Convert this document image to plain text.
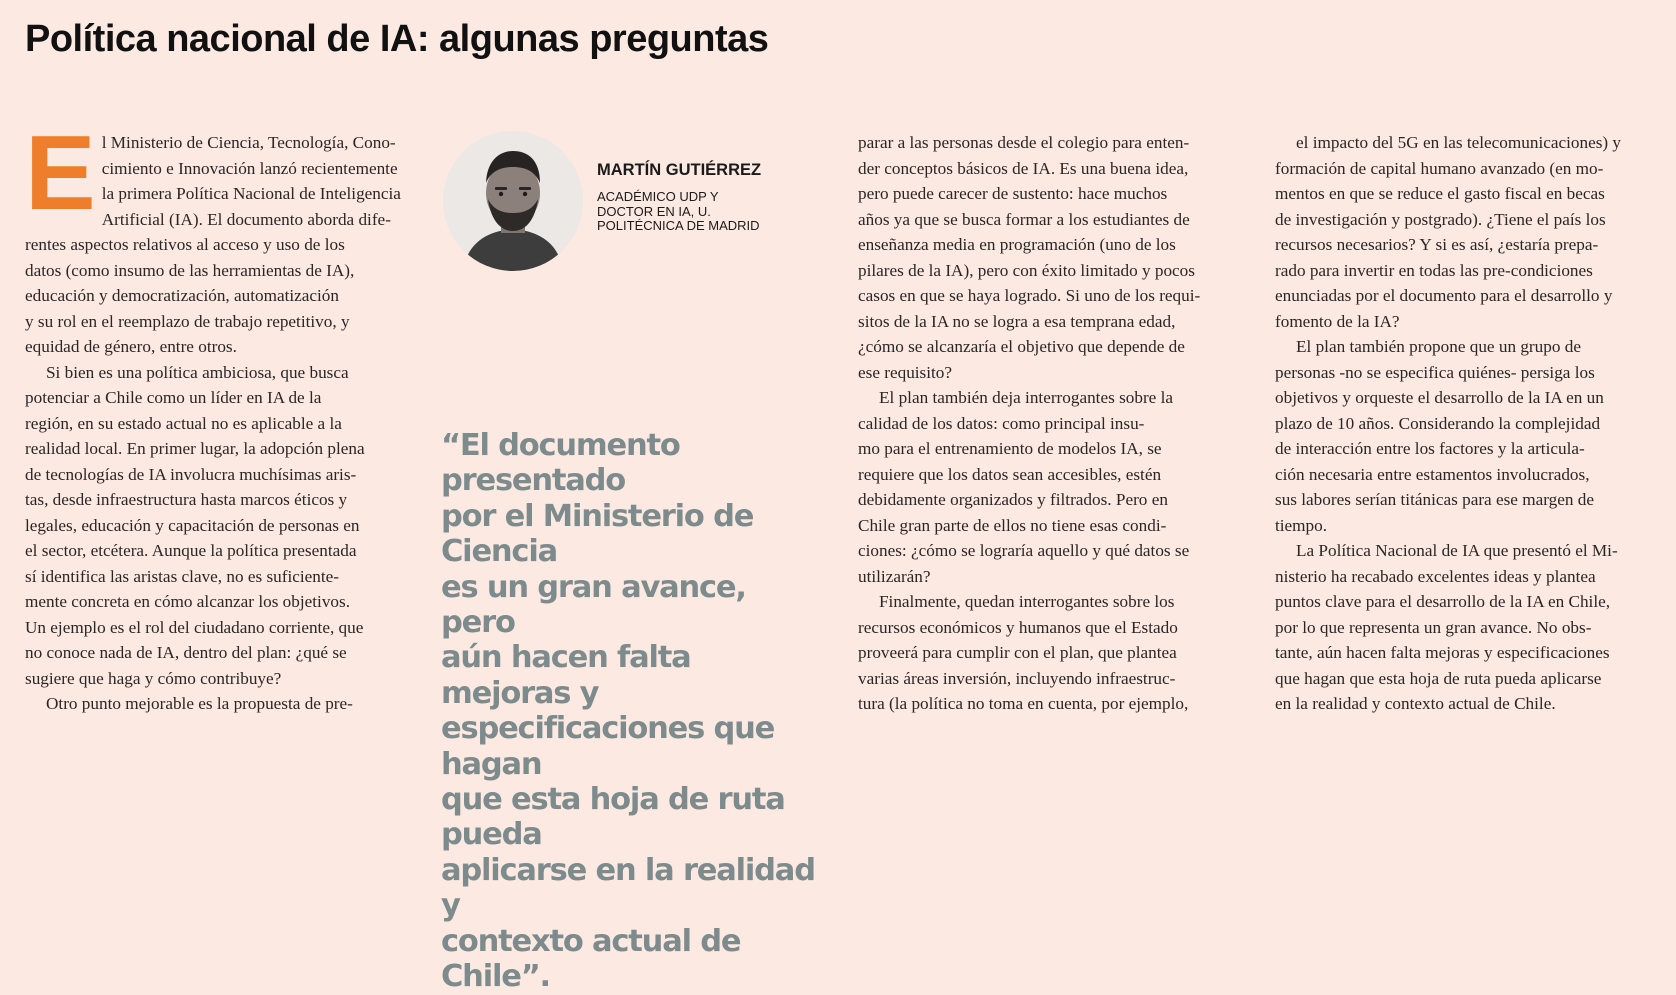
Política nacional de IA: algunas preguntas

El Ministerio de Ciencia, Tecnología, Cono-
cimiento e Innovación lanzó recientemente
la primera Política Nacional de Inteligencia
Artificial (IA). El documento aborda dife-
rentes aspectos relativos al acceso y uso de los
datos (como insumo de las herramientas de IA),
educación y democratización, automatización
y su rol en el reemplazo de trabajo repetitivo, y
equidad de género, entre otros.

Si bien es una política ambiciosa, que busca
potenciar a Chile como un líder en IA de la
región, en su estado actual no es aplicable a la
realidad local. En primer lugar, la adopción plena
de tecnologías de IA involucra muchísimas aris-
tas, desde infraestructura hasta marcos éticos y
legales, educación y capacitación de personas en
el sector, etcétera. Aunque la política presentada
sí identifica las aristas clave, no es suficiente-
mente concreta en cómo alcanzar los objetivos.
Un ejemplo es el rol del ciudadano corriente, que
no conoce nada de IA, dentro del plan: ¿qué se
sugiere que haga y cómo contribuye?

Otro punto mejorable es la propuesta de pre-

MARTÍN GUTIÉRREZ
ACADÉMICO UDP Y
DOCTOR EN IA, U.
POLITÉCNICA DE MADRID
“El documento presentado
por el Ministerio de Ciencia
es un gran avance, pero
aún hacen falta mejoras y
especificaciones que hagan
que esta hoja de ruta pueda
aplicarse en la realidad y
contexto actual de Chile”.

parar a las personas desde el colegio para enten-
der conceptos básicos de IA. Es una buena idea,
pero puede carecer de sustento: hace muchos
años ya que se busca formar a los estudiantes de
enseñanza media en programación (uno de los
pilares de la IA), pero con éxito limitado y pocos
casos en que se haya logrado. Si uno de los requi-
sitos de la IA no se logra a esa temprana edad,
¿cómo se alcanzaría el objetivo que depende de
ese requisito?

El plan también deja interrogantes sobre la
calidad de los datos: como principal insu-
mo para el entrenamiento de modelos IA, se
requiere que los datos sean accesibles, estén
debidamente organizados y filtrados. Pero en
Chile gran parte de ellos no tiene esas condi-
ciones: ¿cómo se lograría aquello y qué datos se
utilizarán?

Finalmente, quedan interrogantes sobre los
recursos económicos y humanos que el Estado
proveerá para cumplir con el plan, que plantea
varias áreas inversión, incluyendo infraestruc-
tura (la política no toma en cuenta, por ejemplo,

el impacto del 5G en las telecomunicaciones) y
formación de capital humano avanzado (en mo-
mentos en que se reduce el gasto fiscal en becas
de investigación y postgrado). ¿Tiene el país los
recursos necesarios? Y si es así, ¿estaría prepa-
rado para invertir en todas las pre-condiciones
enunciadas por el documento para el desarrollo y
fomento de la IA?

El plan también propone que un grupo de
personas -no se especifica quiénes- persiga los
objetivos y orqueste el desarrollo de la IA en un
plazo de 10 años. Considerando la complejidad
de interacción entre los factores y la articula-
ción necesaria entre estamentos involucrados,
sus labores serían titánicas para ese margen de
tiempo.

La Política Nacional de IA que presentó el Mi-
nisterio ha recabado excelentes ideas y plantea
puntos clave para el desarrollo de la IA en Chile,
por lo que representa un gran avance. No obs-
tante, aún hacen falta mejoras y especificaciones
que hagan que esta hoja de ruta pueda aplicarse
en la realidad y contexto actual de Chile.
